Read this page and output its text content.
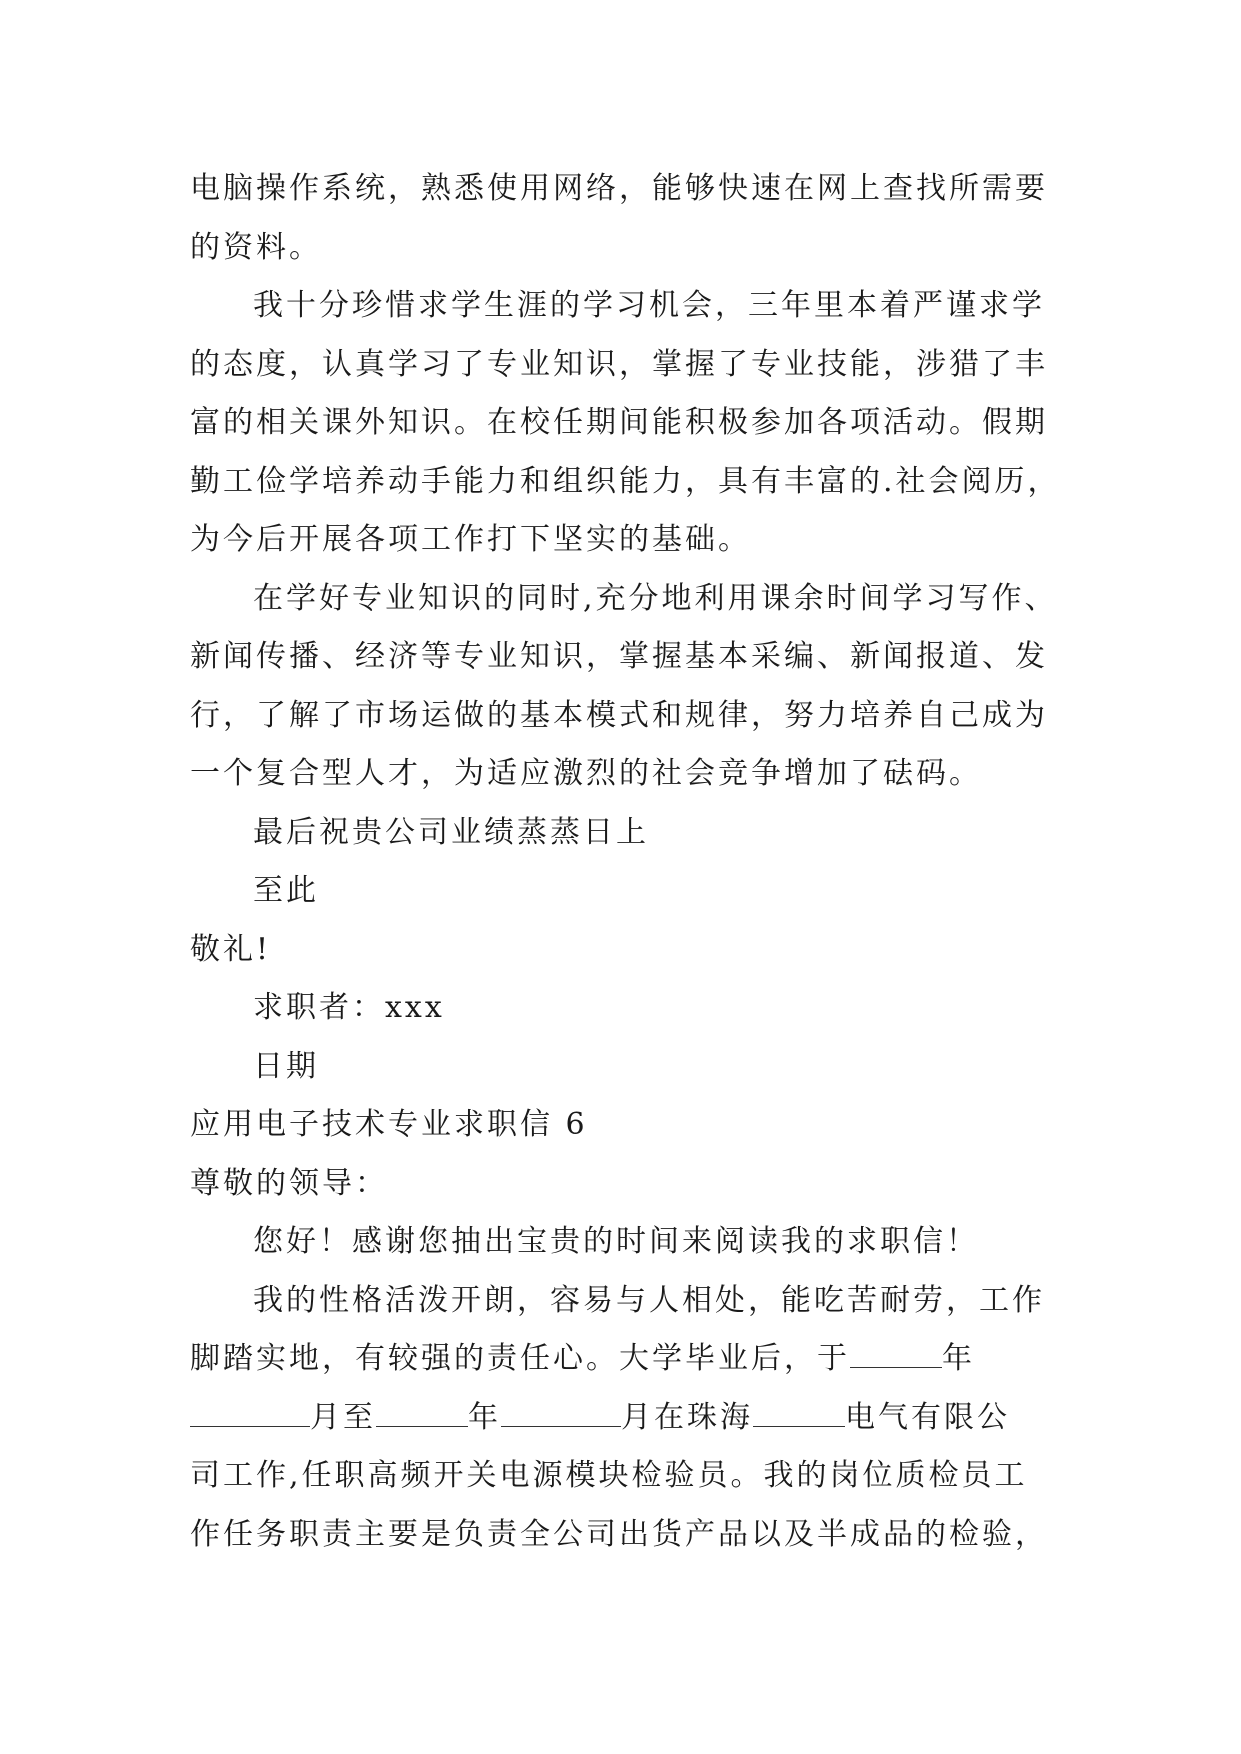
电脑操作系统，熟悉使用网络，能够快速在网上查找所需要
的资料。
我十分珍惜求学生涯的学习机会，三年里本着严谨求学
的态度，认真学习了专业知识，掌握了专业技能，涉猎了丰
富的相关课外知识。在校任期间能积极参加各项活动。假期
勤工俭学培养动手能力和组织能力，具有丰富的.社会阅历，
为今后开展各项工作打下坚实的基础。
在学好专业知识的同时,充分地利用课余时间学习写作、
新闻传播、经济等专业知识，掌握基本采编、新闻报道、发
行，了解了市场运做的基本模式和规律，努力培养自己成为
一个复合型人才，为适应激烈的社会竞争增加了砝码。
最后祝贵公司业绩蒸蒸日上
至此
敬礼!
求职者：xxx
日期
应用电子技术专业求职信 6
尊敬的领导：
您好！感谢您抽出宝贵的时间来阅读我的求职信！
我的性格活泼开朗，容易与人相处，能吃苦耐劳，工作
脚踏实地，有较强的责任心。大学毕业后，于	年
月至	年	月在珠海	电气有限公
司工作,任职高频开关电源模块检验员。我的岗位质检员工
作任务职责主要是负责全公司出货产品以及半成品的检验，
